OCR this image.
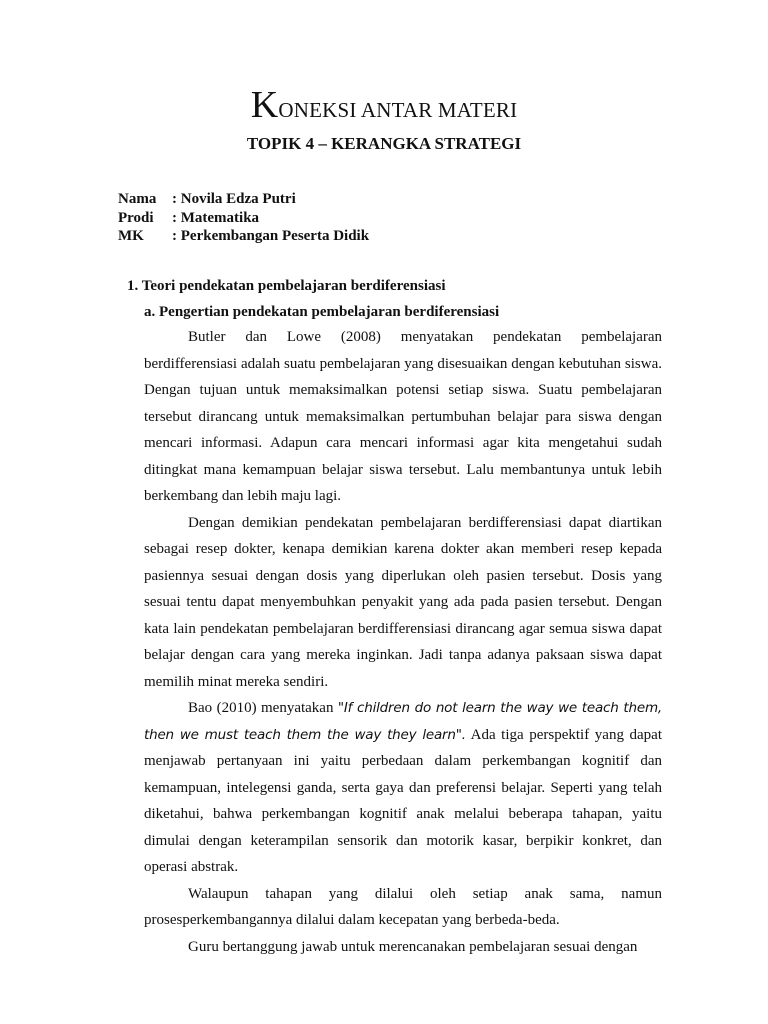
KONEKSI ANTAR MATERI
TOPIK 4 – KERANGKA STRATEGI
Nama	: Novila Edza Putri
Prodi	: Matematika
MK	: Perkembangan Peserta Didik
1. Teori pendekatan pembelajaran berdiferensiasi
a. Pengertian pendekatan pembelajaran berdiferensiasi

Butler dan Lowe (2008) menyatakan pendekatan pembelajaran berdifferensiasi adalah suatu pembelajaran yang disesuaikan dengan kebutuhan siswa. Dengan tujuan untuk memaksimalkan potensi setiap siswa. Suatu pembelajaran tersebut dirancang untuk memaksimalkan pertumbuhan belajar para siswa dengan mencari informasi. Adapun cara mencari informasi agar kita mengetahui sudah ditingkat mana kemampuan belajar siswa tersebut. Lalu membantunya untuk lebih berkembang dan lebih maju lagi.

Dengan demikian pendekatan pembelajaran berdifferensiasi dapat diartikan sebagai resep dokter, kenapa demikian karena dokter akan memberi resep kepada pasiennya sesuai dengan dosis yang diperlukan oleh pasien tersebut. Dosis yang sesuai tentu dapat menyembuhkan penyakit yang ada pada pasien tersebut. Dengan kata lain pendekatan pembelajaran berdifferensiasi dirancang agar semua siswa dapat belajar dengan cara yang mereka inginkan. Jadi tanpa adanya paksaan siswa dapat memilih minat mereka sendiri.

Bao (2010) menyatakan "If children do not learn the way we teach them, then we must teach them the way they learn". Ada tiga perspektif yang dapat menjawab pertanyaan ini yaitu perbedaan dalam perkembangan kognitif dan kemampuan, intelegensi ganda, serta gaya dan preferensi belajar. Seperti yang telah diketahui, bahwa perkembangan kognitif anak melalui beberapa tahapan, yaitu dimulai dengan keterampilan sensorik dan motorik kasar, berpikir konkret, dan operasi abstrak.

Walaupun tahapan yang dilalui oleh setiap anak sama, namun prosesperkembangannya dilalui dalam kecepatan yang berbeda-beda.

Guru bertanggung jawab untuk merencanakan pembelajaran sesuai dengan
